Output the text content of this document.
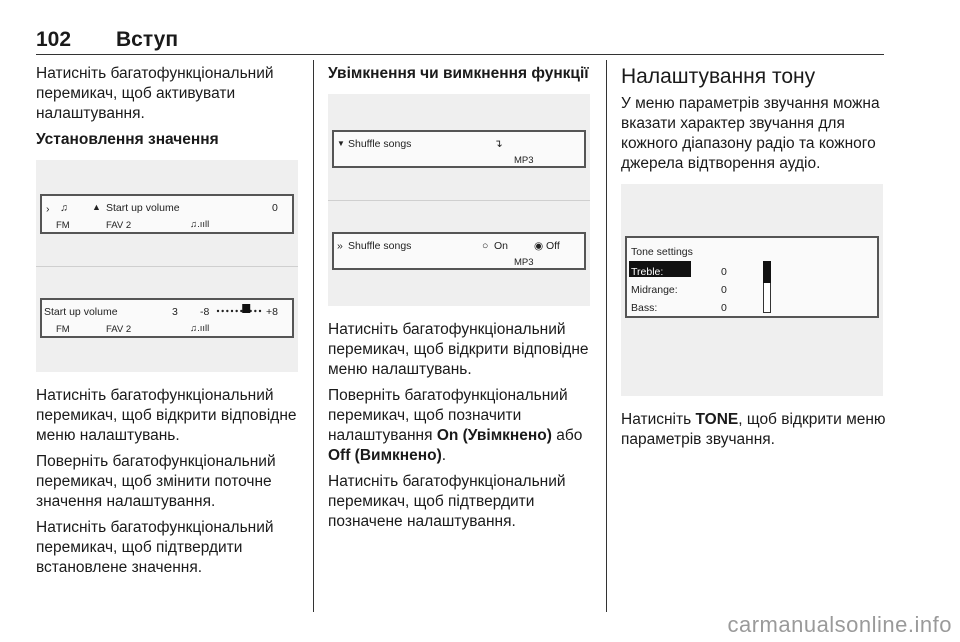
102 Вступ

Натисніть багатофункціональний перемикач, щоб активувати налаштування.

Установлення значення
› ♫	▲ Start up volume	0
FM	FAV 2	♫.ııll
Start up volume	3 -8	+8
FM	FAV 2	♫.ııll

Натисніть багатофункціональний перемикач, щоб відкрити відповідне меню налаштувань.

Поверніть багатофункціональний перемикач, щоб змінити поточне значення налаштування.

Натисніть багатофункціональний перемикач, щоб підтвердити встановлене значення.

Увімкнення чи вимкнення функції
▼ Shuffle songs	↴
MP3
» Shuffle songs	○ On ◉ Off
MP3

Натисніть багатофункціональний перемикач, щоб відкрити відповідне меню налаштувань.

Поверніть багатофункціональний перемикач, щоб позначити налаштування On (Увімкнено) або Off (Вимкнено).

Натисніть багатофункціональний перемикач, щоб підтвердити позначене налаштування.

Налаштування тону

У меню параметрів звучання можна вказати характер звучання для кожного діапазону радіо та кожного джерела відтворення аудіо.

Tone settings
Treble:	0
Midrange:	0
Bass:	0

Натисніть TONE, щоб відкрити меню параметрів звучання.

carmanualsonline.info
